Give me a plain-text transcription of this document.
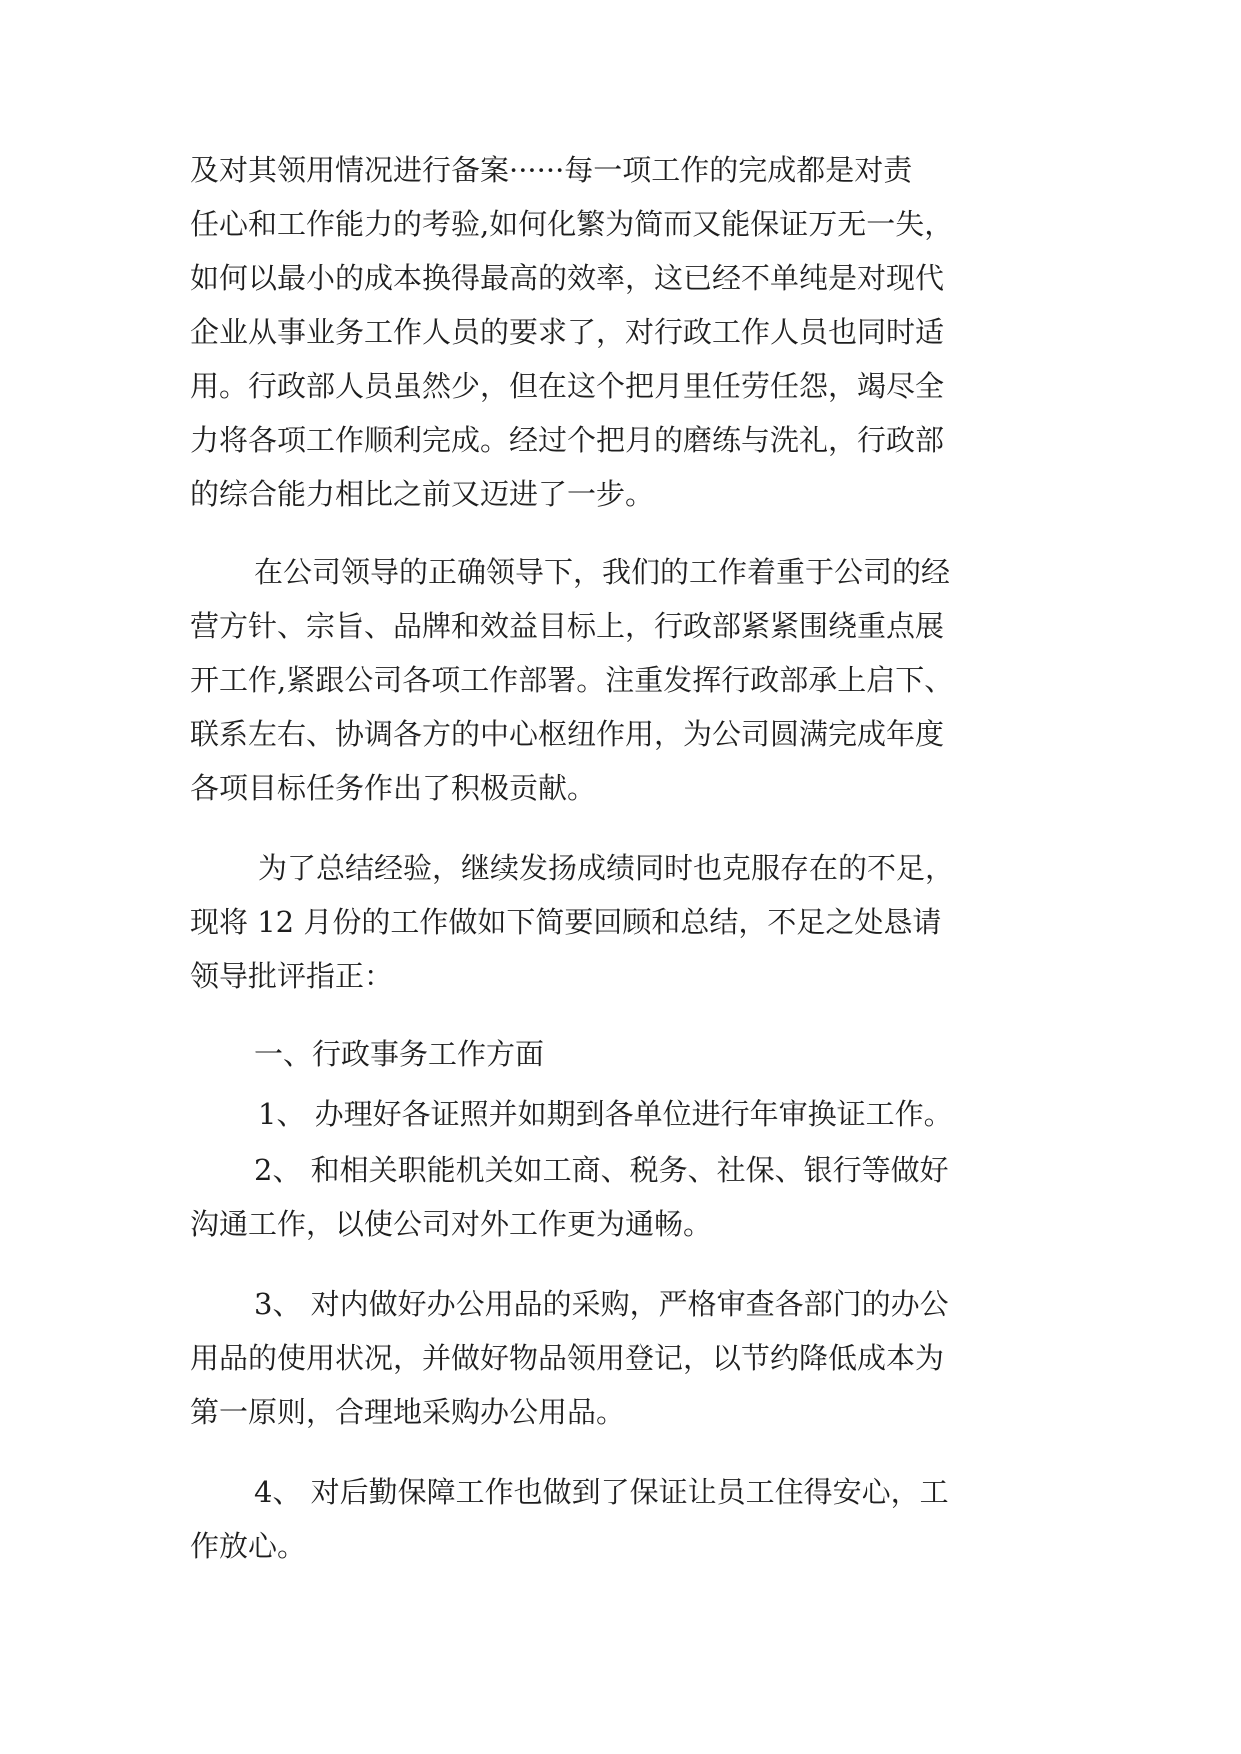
及对其领用情况进行备案······每一项工作的完成都是对责
任心和工作能力的考验,如何化繁为简而又能保证万无一失，
如何以最小的成本换得最高的效率，这已经不单纯是对现代
企业从事业务工作人员的要求了，对行政工作人员也同时适
用。行政部人员虽然少，但在这个把月里任劳任怨，竭尽全
力将各项工作顺利完成。经过个把月的磨练与洗礼，行政部
的综合能力相比之前又迈进了一步。
在公司领导的正确领导下，我们的工作着重于公司的经
营方针、宗旨、品牌和效益目标上，行政部紧紧围绕重点展
开工作,紧跟公司各项工作部署。注重发挥行政部承上启下、
联系左右、协调各方的中心枢纽作用，为公司圆满完成年度
各项目标任务作出了积极贡献。
为了总结经验，继续发扬成绩同时也克服存在的不足，
现将 12 月份的工作做如下简要回顾和总结，不足之处恳请
领导批评指正：
一、行政事务工作方面
1、 办理好各证照并如期到各单位进行年审换证工作。
2、 和相关职能机关如工商、税务、社保、银行等做好
沟通工作，以使公司对外工作更为通畅。
3、 对内做好办公用品的采购，严格审查各部门的办公
用品的使用状况，并做好物品领用登记，以节约降低成本为
第一原则，合理地采购办公用品。
4、 对后勤保障工作也做到了保证让员工住得安心，工
作放心。
